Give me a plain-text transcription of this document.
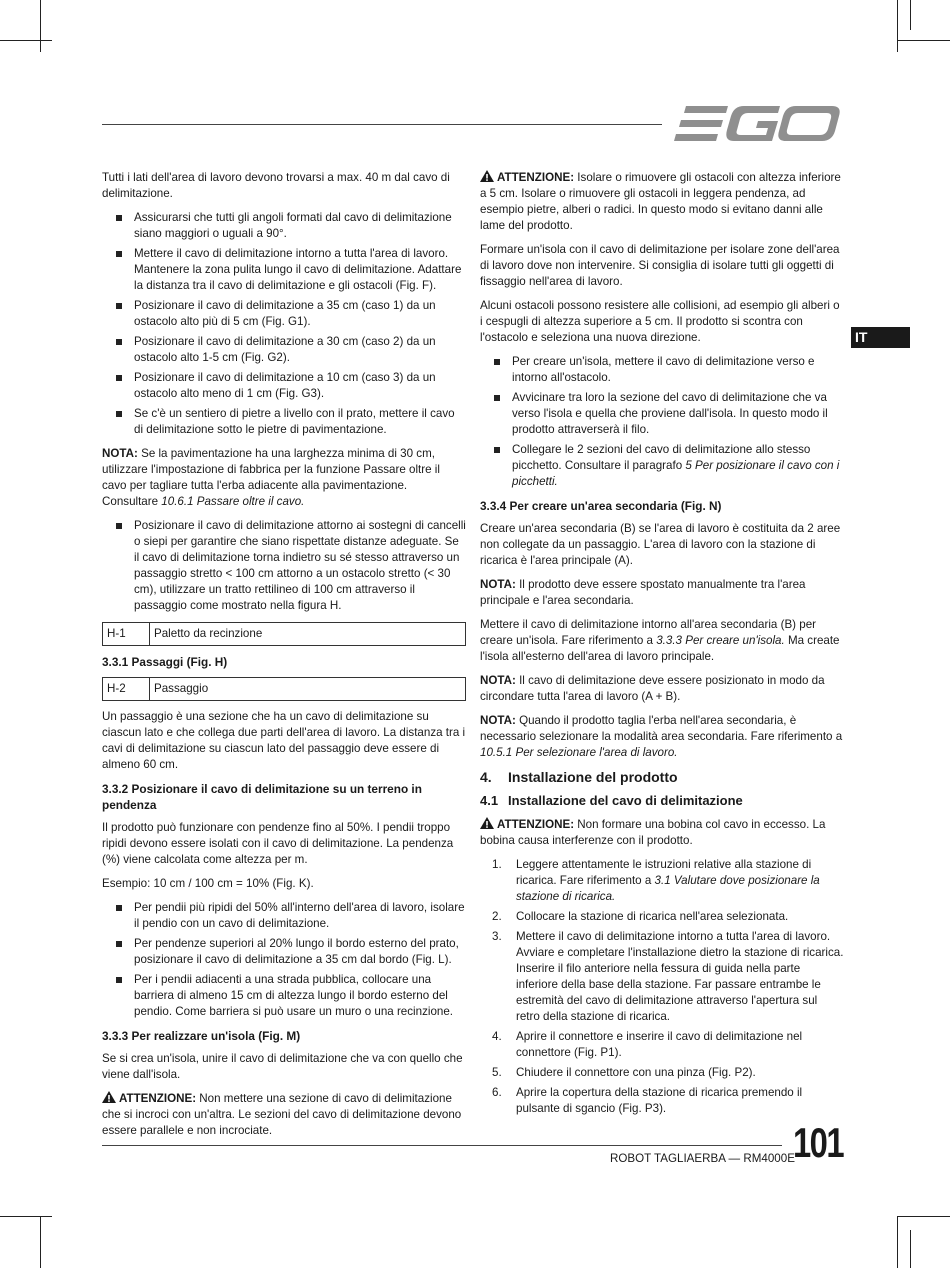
IT

Tutti i lati dell'area di lavoro devono trovarsi a max. 40 m dal cavo di delimitazione.

Assicurarsi che tutti gli angoli formati dal cavo di delimitazione siano maggiori o uguali a 90°.
Mettere il cavo di delimitazione intorno a tutta l'area di lavoro. Mantenere la zona pulita lungo il cavo di delimitazione. Adattare la distanza tra il cavo di delimitazione e gli ostacoli (Fig. F).
Posizionare il cavo di delimitazione a 35 cm (caso 1) da un ostacolo alto più di 5 cm (Fig. G1).
Posizionare il cavo di delimitazione a 30 cm (caso 2) da un ostacolo alto 1-5 cm (Fig. G2).
Posizionare il cavo di delimitazione a 10 cm (caso 3) da un ostacolo alto meno di 1 cm (Fig. G3).
Se c'è un sentiero di pietre a livello con il prato, mettere il cavo di delimitazione sotto le pietre di pavimentazione.

NOTA: Se la pavimentazione ha una larghezza minima di 30 cm, utilizzare l'impostazione di fabbrica per la funzione Passare oltre il cavo per tagliare tutta l'erba adiacente alla pavimentazione. Consultare 10.6.1 Passare oltre il cavo.

Posizionare il cavo di delimitazione attorno ai sostegni di cancelli o siepi per garantire che siano rispettate distanze adeguate. Se il cavo di delimitazione torna indietro su sé stesso attraverso un passaggio stretto < 100 cm attorno a un ostacolo stretto (< 30 cm), utilizzare un tratto rettilineo di 100 cm attraverso il passaggio come mostrato nella figura H.
H-1	Paletto da recinzione
3.3.1 Passaggi (Fig. H)
H-2	Passaggio

Un passaggio è una sezione che ha un cavo di delimitazione su ciascun lato e che collega due parti dell'area di lavoro. La distanza tra i cavi di delimitazione su ciascun lato del passaggio deve essere di almeno 60 cm.

3.3.2 Posizionare il cavo di delimitazione su un terreno in pendenza

Il prodotto può funzionare con pendenze fino al 50%. I pendii troppo ripidi devono essere isolati con il cavo di delimitazione. La pendenza (%) viene calcolata come altezza per m.

Esempio: 10 cm / 100 cm = 10% (Fig. K).

Per pendii più ripidi del 50% all'interno dell'area di lavoro, isolare il pendio con un cavo di delimitazione.
Per pendenze superiori al 20% lungo il bordo esterno del prato, posizionare il cavo di delimitazione a 35 cm dal bordo (Fig. L).
Per i pendii adiacenti a una strada pubblica, collocare una barriera di almeno 15 cm di altezza lungo il bordo esterno del pendio. Come barriera si può usare un muro o una recinzione.
3.3.3 Per realizzare un'isola (Fig. M)

Se si crea un'isola, unire il cavo di delimitazione che va con quello che viene dall'isola.

ATTENZIONE: Non mettere una sezione di cavo di delimitazione che si incroci con un'altra. Le sezioni del cavo di delimitazione devono essere parallele e non incrociate.

ATTENZIONE: Isolare o rimuovere gli ostacoli con altezza inferiore a 5 cm. Isolare o rimuovere gli ostacoli in leggera pendenza, ad esempio pietre, alberi o radici. In questo modo si evitano danni alle lame del prodotto.

Formare un'isola con il cavo di delimitazione per isolare zone dell'area di lavoro dove non intervenire. Si consiglia di isolare tutti gli oggetti di fissaggio nell'area di lavoro.

Alcuni ostacoli possono resistere alle collisioni, ad esempio gli alberi o i cespugli di altezza superiore a 5 cm. Il prodotto si scontra con l'ostacolo e seleziona una nuova direzione.

Per creare un'isola, mettere il cavo di delimitazione verso e intorno all'ostacolo.
Avvicinare tra loro la sezione del cavo di delimitazione che va verso l'isola e quella che proviene dall'isola. In questo modo il prodotto attraverserà il filo.
Collegare le 2 sezioni del cavo di delimitazione allo stesso picchetto. Consultare il paragrafo 5 Per posizionare il cavo con i picchetti.
3.3.4 Per creare un'area secondaria (Fig. N)

Creare un'area secondaria (B) se l'area di lavoro è costituita da 2 aree non collegate da un passaggio. L'area di lavoro con la stazione di ricarica è l'area principale (A).

NOTA: Il prodotto deve essere spostato manualmente tra l'area principale e l'area secondaria.

Mettere il cavo di delimitazione intorno all'area secondaria (B) per creare un'isola. Fare riferimento a 3.3.3 Per creare un'isola. Ma create l'isola all'esterno dell'area di lavoro principale.

NOTA: Il cavo di delimitazione deve essere posizionato in modo da circondare tutta l'area di lavoro (A + B).

NOTA: Quando il prodotto taglia l'erba nell'area secondaria, è necessario selezionare la modalità area secondaria. Fare riferimento a 10.5.1 Per selezionare l'area di lavoro.

4. Installazione del prodotto
4.1 Installazione del cavo di delimitazione

ATTENZIONE: Non formare una bobina col cavo in eccesso. La bobina causa interferenze con il prodotto.

1. Leggere attentamente le istruzioni relative alla stazione di ricarica. Fare riferimento a 3.1 Valutare dove posizionare la stazione di ricarica.
2. Collocare la stazione di ricarica nell'area selezionata.
3. Mettere il cavo di delimitazione intorno a tutta l'area di lavoro. Avviare e completare l'installazione dietro la stazione di ricarica. Inserire il filo anteriore nella fessura di guida nella parte inferiore della base della stazione. Far passare entrambe le estremità del cavo di delimitazione attraverso l'apertura sul retro della stazione di ricarica.
4. Aprire il connettore e inserire il cavo di delimitazione nel connettore (Fig. P1).
5. Chiudere il connettore con una pinza (Fig. P2).
6. Aprire la copertura della stazione di ricarica premendo il pulsante di sgancio (Fig. P3).
ROBOT TAGLIAERBA — RM4000E
101
